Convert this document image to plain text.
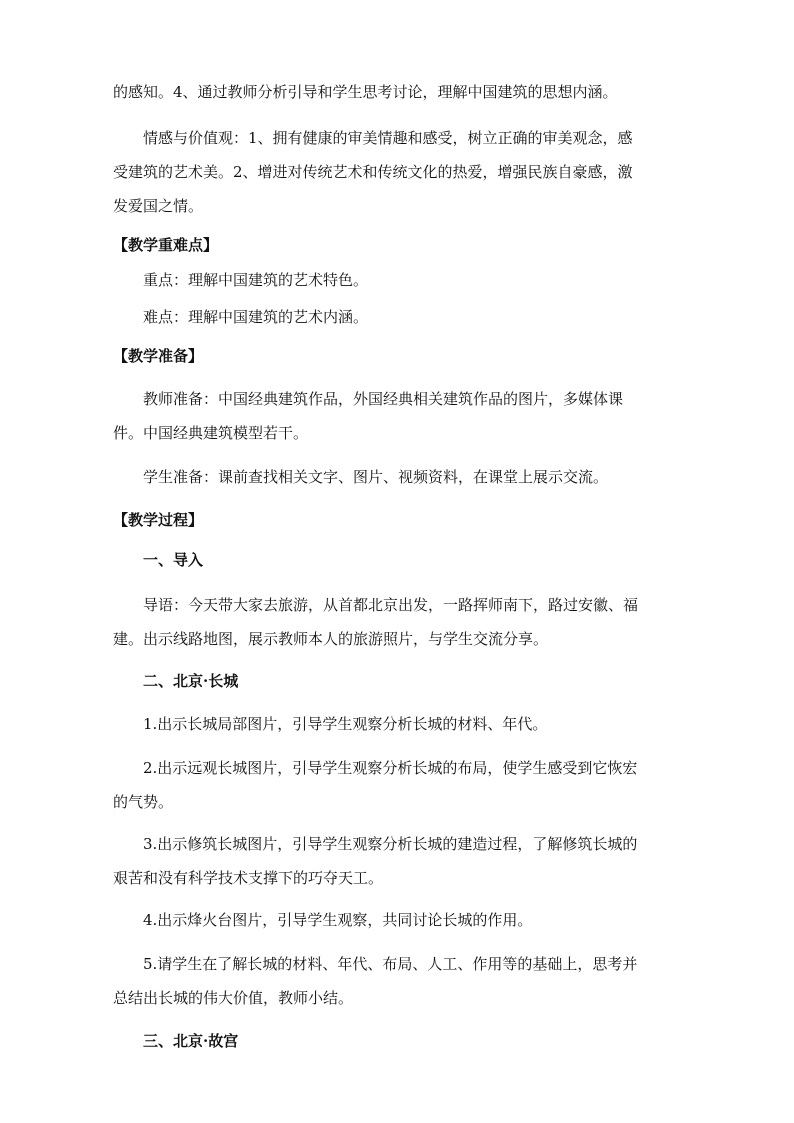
的感知。4、通过教师分析引导和学生思考讨论，理解中国建筑的思想内涵。

情感与价值观：1、拥有健康的审美情趣和感受，树立正确的审美观念，感
受建筑的艺术美。2、增进对传统艺术和传统文化的热爱，增强民族自豪感，激
发爱国之情。

【教学重难点】

重点：理解中国建筑的艺术特色。

难点：理解中国建筑的艺术内涵。

【教学准备】

教师准备：中国经典建筑作品，外国经典相关建筑作品的图片，多媒体课
件。中国经典建筑模型若干。

学生准备：课前查找相关文字、图片、视频资料，在课堂上展示交流。

【教学过程】

一、导入

导语：今天带大家去旅游，从首都北京出发，一路挥师南下，路过安徽、福
建。出示线路地图，展示教师本人的旅游照片，与学生交流分享。

二、北京·长城

1.出示长城局部图片，引导学生观察分析长城的材料、年代。

2.出示远观长城图片，引导学生观察分析长城的布局，使学生感受到它恢宏
的气势。

3.出示修筑长城图片，引导学生观察分析长城的建造过程，了解修筑长城的
艰苦和没有科学技术支撑下的巧夺天工。

4.出示烽火台图片，引导学生观察，共同讨论长城的作用。

5.请学生在了解长城的材料、年代、布局、人工、作用等的基础上，思考并
总结出长城的伟大价值，教师小结。

三、北京·故宫
